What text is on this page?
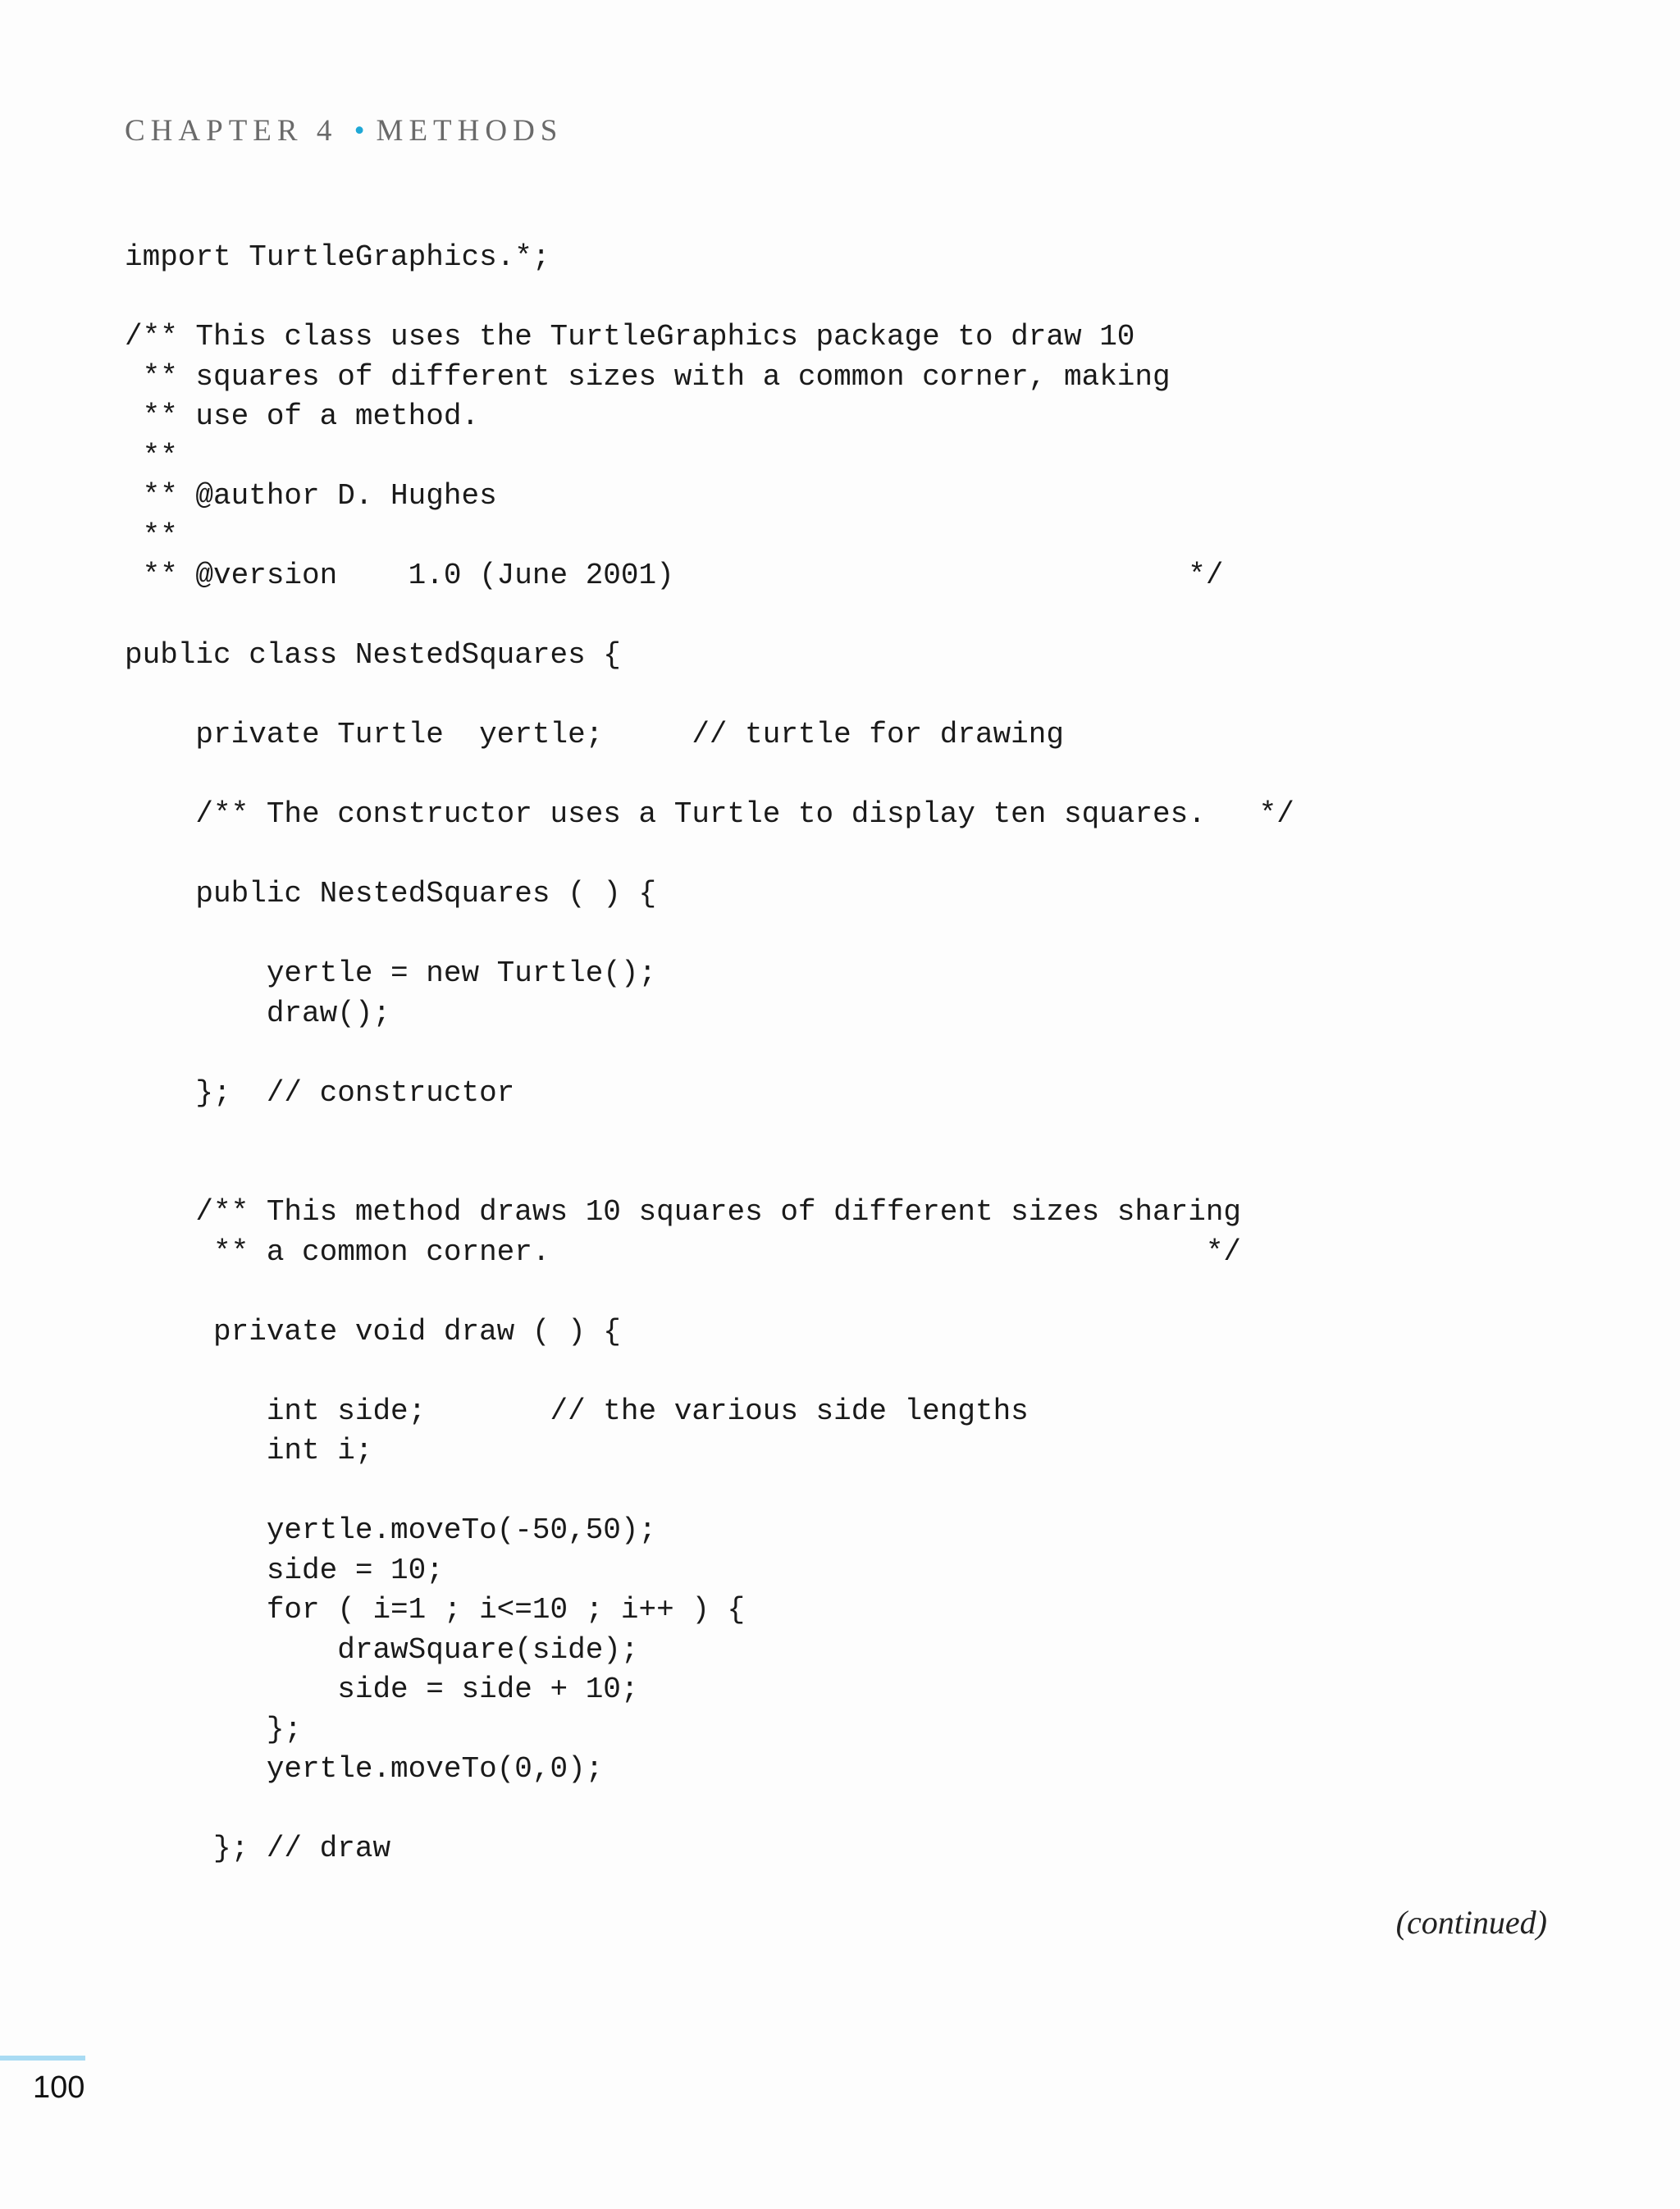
CHAPTER 4 • METHODS
import TurtleGraphics.*;
/** This class uses the TurtleGraphics package to draw 10
** squares of different sizes with a common corner, making
** use of a method.
**
** @author D. Hughes
**
** @version    1.0 (June 2001)                             */
public class NestedSquares {
private Turtle  yertle;     // turtle for drawing
/** The constructor uses a Turtle to display ten squares.   */
public NestedSquares ( ) {
yertle = new Turtle();
draw();
};  // constructor
/** This method draws 10 squares of different sizes sharing
** a common corner.                                     */
private void draw ( ) {
int side;       // the various side lengths
int i;
yertle.moveTo(-50,50);
side = 10;
for ( i=1 ; i<=10 ; i++ ) {
drawSquare(side);
side = side + 10;
};
yertle.moveTo(0,0);
}; // draw
(continued)
100
